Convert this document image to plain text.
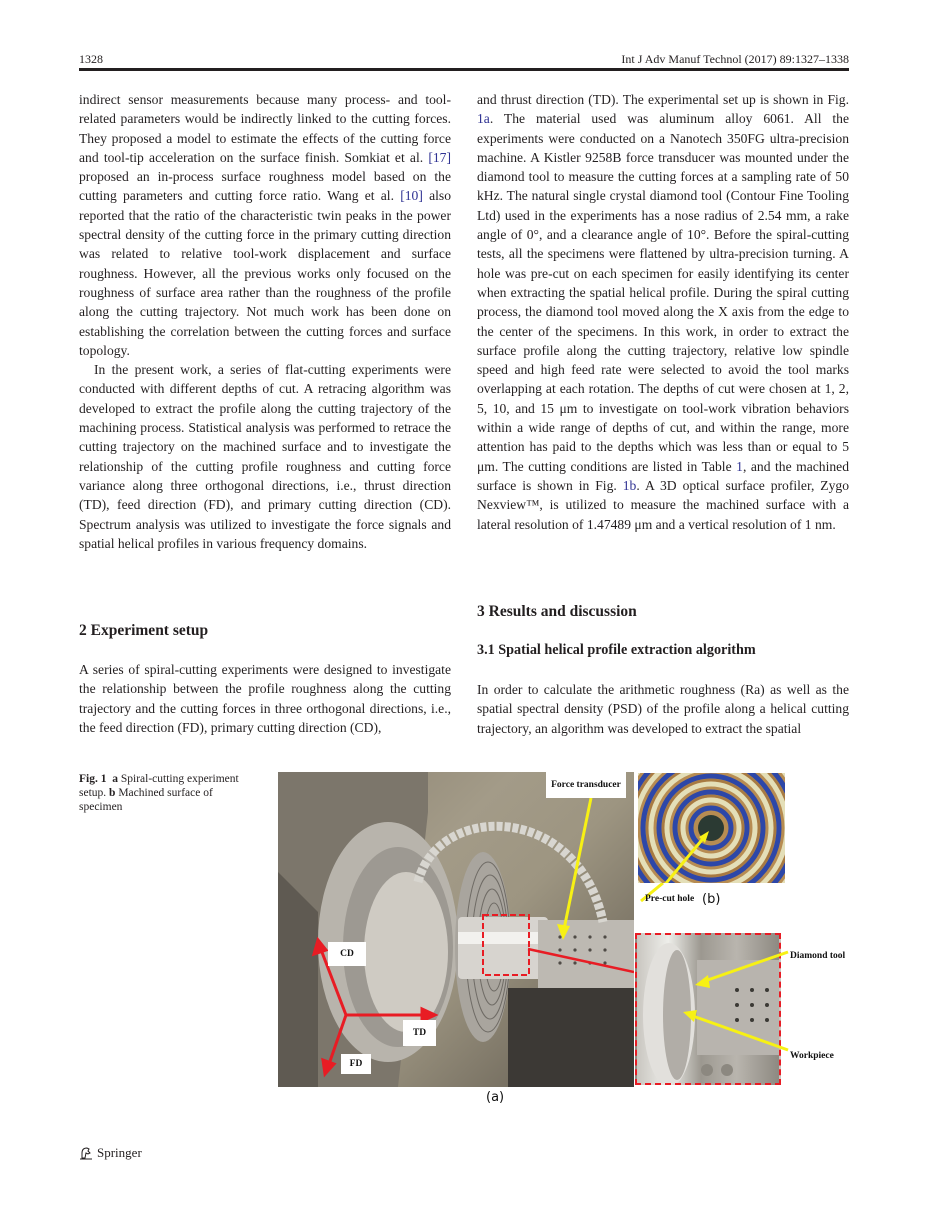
1328	Int J Adv Manuf Technol (2017) 89:1327–1338

indirect sensor measurements because many process- and tool-related parameters would be indirectly linked to the cutting forces. They proposed a model to estimate the effects of the cutting force and tool-tip acceleration on the surface finish. Somkiat et al. [17] proposed an in-process surface roughness model based on the cutting parameters and cutting force ratio. Wang et al. [10] also reported that the ratio of the characteristic twin peaks in the power spectral density of the cutting force in the primary cutting direction was related to relative tool-work displacement and surface roughness. However, all the previous works only focused on the roughness of surface area rather than the roughness of the profile along the cutting trajectory. Not much work has been done on establishing the correlation between the cutting forces and surface topology.

In the present work, a series of flat-cutting experiments were conducted with different depths of cut. A retracing algorithm was developed to extract the profile along the cutting trajectory of the machining process. Statistical analysis was performed to retrace the cutting trajectory on the machined surface and to investigate the relationship of the cutting profile roughness and cutting force variance along three orthogonal directions, i.e., thrust direction (TD), feed direction (FD), and primary cutting direction (CD). Spectrum analysis was utilized to investigate the force signals and spatial helical profiles in various frequency domains.

2 Experiment setup

A series of spiral-cutting experiments were designed to investigate the relationship between the profile roughness along the cutting trajectory and the cutting forces in three orthogonal directions, i.e., the feed direction (FD), primary cutting direction (CD),

and thrust direction (TD). The experimental set up is shown in Fig. 1a. The material used was aluminum alloy 6061. All the experiments were conducted on a Nanotech 350FG ultra-precision machine. A Kistler 9258B force transducer was mounted under the diamond tool to measure the cutting forces at a sampling rate of 50 kHz. The natural single crystal diamond tool (Contour Fine Tooling Ltd) used in the experiments has a nose radius of 2.54 mm, a rake angle of 0°, and a clearance angle of 10°. Before the spiral-cutting tests, all the specimens were flattened by ultra-precision turning. A hole was pre-cut on each specimen for easily identifying its center when extracting the spatial helical profile. During the spiral cutting process, the diamond tool moved along the X axis from the edge to the center of the specimens. In this work, in order to extract the surface profile along the cutting trajectory, relative low spindle speed and high feed rate were selected to avoid the tool marks overlapping at each rotation. The depths of cut were chosen at 1, 2, 5, 10, and 15 μm to investigate on tool-work vibration behaviors within a wide range of depths of cut, and within the range, more attention has paid to the depths which was less than or equal to 5 μm. The cutting conditions are listed in Table 1, and the machined surface is shown in Fig. 1b. A 3D optical surface profiler, Zygo Nexview™, is utilized to measure the machined surface with a lateral resolution of 1.47489 μm and a vertical resolution of 1 nm.

3 Results and discussion
3.1 Spatial helical profile extraction algorithm

In order to calculate the arithmetic roughness (Ra) as well as the spatial spectral density (PSD) of the profile along a helical cutting trajectory, an algorithm was developed to extract the spatial

Fig. 1 a Spiral-cutting experiment setup. b Machined surface of specimen
Force transducer
CD
TD
FD
(a)
Pre-cut hole (b)
Diamond tool
Workpiece
Springer
